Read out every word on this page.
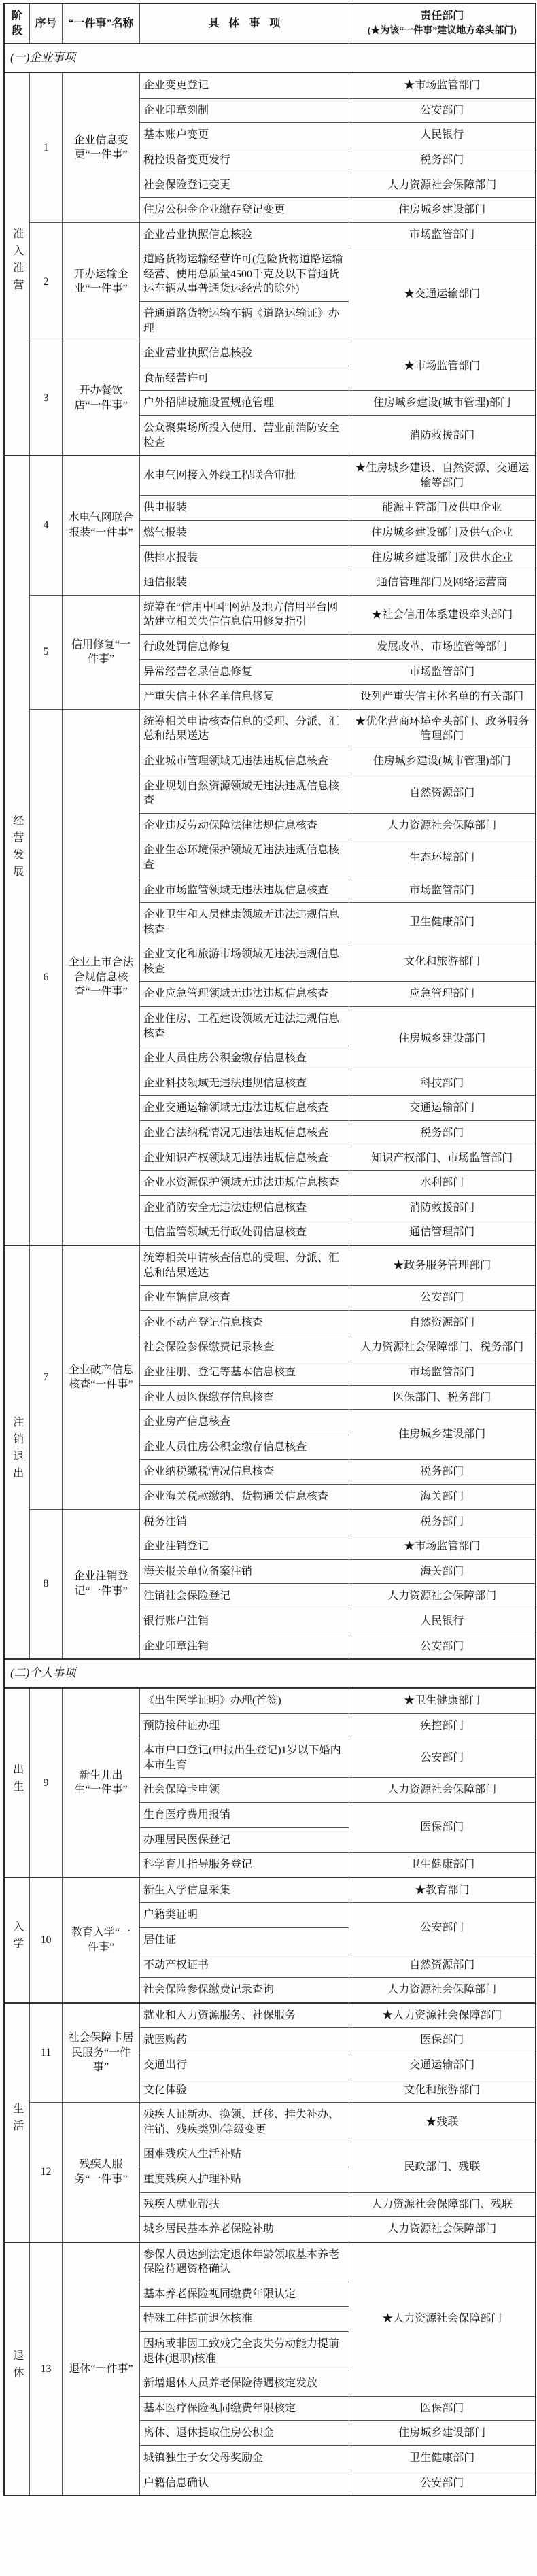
阶段	序号	“一件事”名称	具体事项	责任部门
(★为该“一件事”建议地方牵头部门)

(一)企业事项				
准入准营	1	企业信息变更“一件事”	企业变更登记	★市场监管部门
			企业印章刻制	公安部门
			基本账户变更	人民银行
			税控设备变更发行	税务部门
			社会保险登记变更	人力资源社会保障部门
			住房公积金企业缴存登记变更	住房城乡建设部门
	2	开办运输企业“一件事”	企业营业执照信息核验	市场监管部门
			道路货物运输经营许可(危险货物道路运输经营、使用总质量4500千克及以下普通货运车辆从事普通货运经营的除外)	★交通运输部门
			普通道路货物运输车辆《道路运输证》办理	
	3	开办餐饮店“一件事”	企业营业执照信息核验	★市场监管部门
			食品经营许可	
			户外招牌设施设置规范管理	住房城乡建设(城市管理)部门
			公众聚集场所投入使用、营业前消防安全检查	消防救援部门
经营发展	4	水电气网联合报装“一件事”	水电气网接入外线工程联合审批	★住房城乡建设、自然资源、交通运输等部门
			供电报装	能源主管部门及供电企业
			燃气报装	住房城乡建设部门及供气企业
			供排水报装	住房城乡建设部门及供水企业
			通信报装	通信管理部门及网络运营商
	5	信用修复“一件事”	统筹在“信用中国”网站及地方信用平台网站建立相关失信信息信用修复指引	★社会信用体系建设牵头部门
			行政处罚信息修复	发展改革、市场监管等部门
			异常经营名录信息修复	市场监管部门
			严重失信主体名单信息修复	设列严重失信主体名单的有关部门
	6	企业上市合法合规信息核查“一件事”	统筹相关申请核查信息的受理、分派、汇总和结果送达	★优化营商环境牵头部门、政务服务管理部门
			企业城市管理领域无违法违规信息核查	住房城乡建设(城市管理)部门
			企业规划自然资源领域无违法违规信息核查	自然资源部门
			企业违反劳动保障法律法规信息核查	人力资源社会保障部门
			企业生态环境保护领域无违法违规信息核查	生态环境部门
			企业市场监管领域无违法违规信息核查	市场监管部门
			企业卫生和人员健康领域无违法违规信息核查	卫生健康部门
			企业文化和旅游市场领域无违法违规信息核查	文化和旅游部门
			企业应急管理领域无违法违规信息核查	应急管理部门
			企业住房、工程建设领域无违法违规信息核查	住房城乡建设部门
			企业人员住房公积金缴存信息核查	
			企业科技领域无违法违规信息核查	科技部门
			企业交通运输领域无违法违规信息核查	交通运输部门
			企业合法纳税情况无违法违规信息核查	税务部门
			企业知识产权领域无违法违规信息核查	知识产权部门、市场监管部门
			企业水资源保护领域无违法违规信息核查	水利部门
			企业消防安全无违法违规信息核查	消防救援部门
			电信监管领域无行政处罚信息核查	通信管理部门
注销退出	7	企业破产信息核查“一件事”	统筹相关申请核查信息的受理、分派、汇总和结果送达	★政务服务管理部门
			企业车辆信息核查	公安部门
			企业不动产登记信息核查	自然资源部门
			社会保险参保缴费记录核查	人力资源社会保障部门、税务部门
			企业注册、登记等基本信息核查	市场监管部门
			企业人员医保缴存信息核查	医保部门、税务部门
			企业房产信息核查	住房城乡建设部门
			企业人员住房公积金缴存信息核查	
			企业纳税缴税情况信息核查	税务部门
			企业海关税款缴纳、货物通关信息核查	海关部门
	8	企业注销登记“一件事”	税务注销	税务部门
			企业注销登记	★市场监管部门
			海关报关单位备案注销	海关部门
			注销社会保险登记	人力资源社会保障部门
			银行账户注销	人民银行
			企业印章注销	公安部门
(二)个人事项				
出生	9	新生儿出生“一件事”	《出生医学证明》办理(首签)	★卫生健康部门
			预防接种证办理	疾控部门
			本市户口登记(申报出生登记)1岁以下婚内本市生育	公安部门
			社会保障卡申领	人力资源社会保障部门
			生育医疗费用报销	医保部门
			办理居民医保登记	
			科学育儿指导服务登记	卫生健康部门
入学	10	教育入学“一件事”	新生入学信息采集	★教育部门
			户籍类证明	公安部门
			居住证	
			不动产权证书	自然资源部门
			社会保险参保缴费记录查询	人力资源社会保障部门
生活	11	社会保障卡居民服务“一件事”	就业和人力资源服务、社保服务	★人力资源社会保障部门
			就医购药	医保部门
			交通出行	交通运输部门
			文化体验	文化和旅游部门
	12	残疾人服务“一件事”	残疾人证新办、换领、迁移、挂失补办、注销、残疾类别/等级变更	★残联
			困难残疾人生活补贴	民政部门、残联
			重度残疾人护理补贴	
			残疾人就业帮扶	人力资源社会保障部门、残联
			城乡居民基本养老保险补助	人力资源社会保障部门
退休	13	退休“一件事”	参保人员达到法定退休年龄领取基本养老保险待遇资格确认	★人力资源社会保障部门
			基本养老保险视同缴费年限认定	
			特殊工种提前退休核准	
			因病或非因工致残完全丧失劳动能力提前退休(退职)核准	
			新增退休人员养老保险待遇核定发放	
			基本医疗保险视同缴费年限核定	医保部门
			离休、退休提取住房公积金	住房城乡建设部门
			城镇独生子女父母奖励金	卫生健康部门
			户籍信息确认	公安部门
